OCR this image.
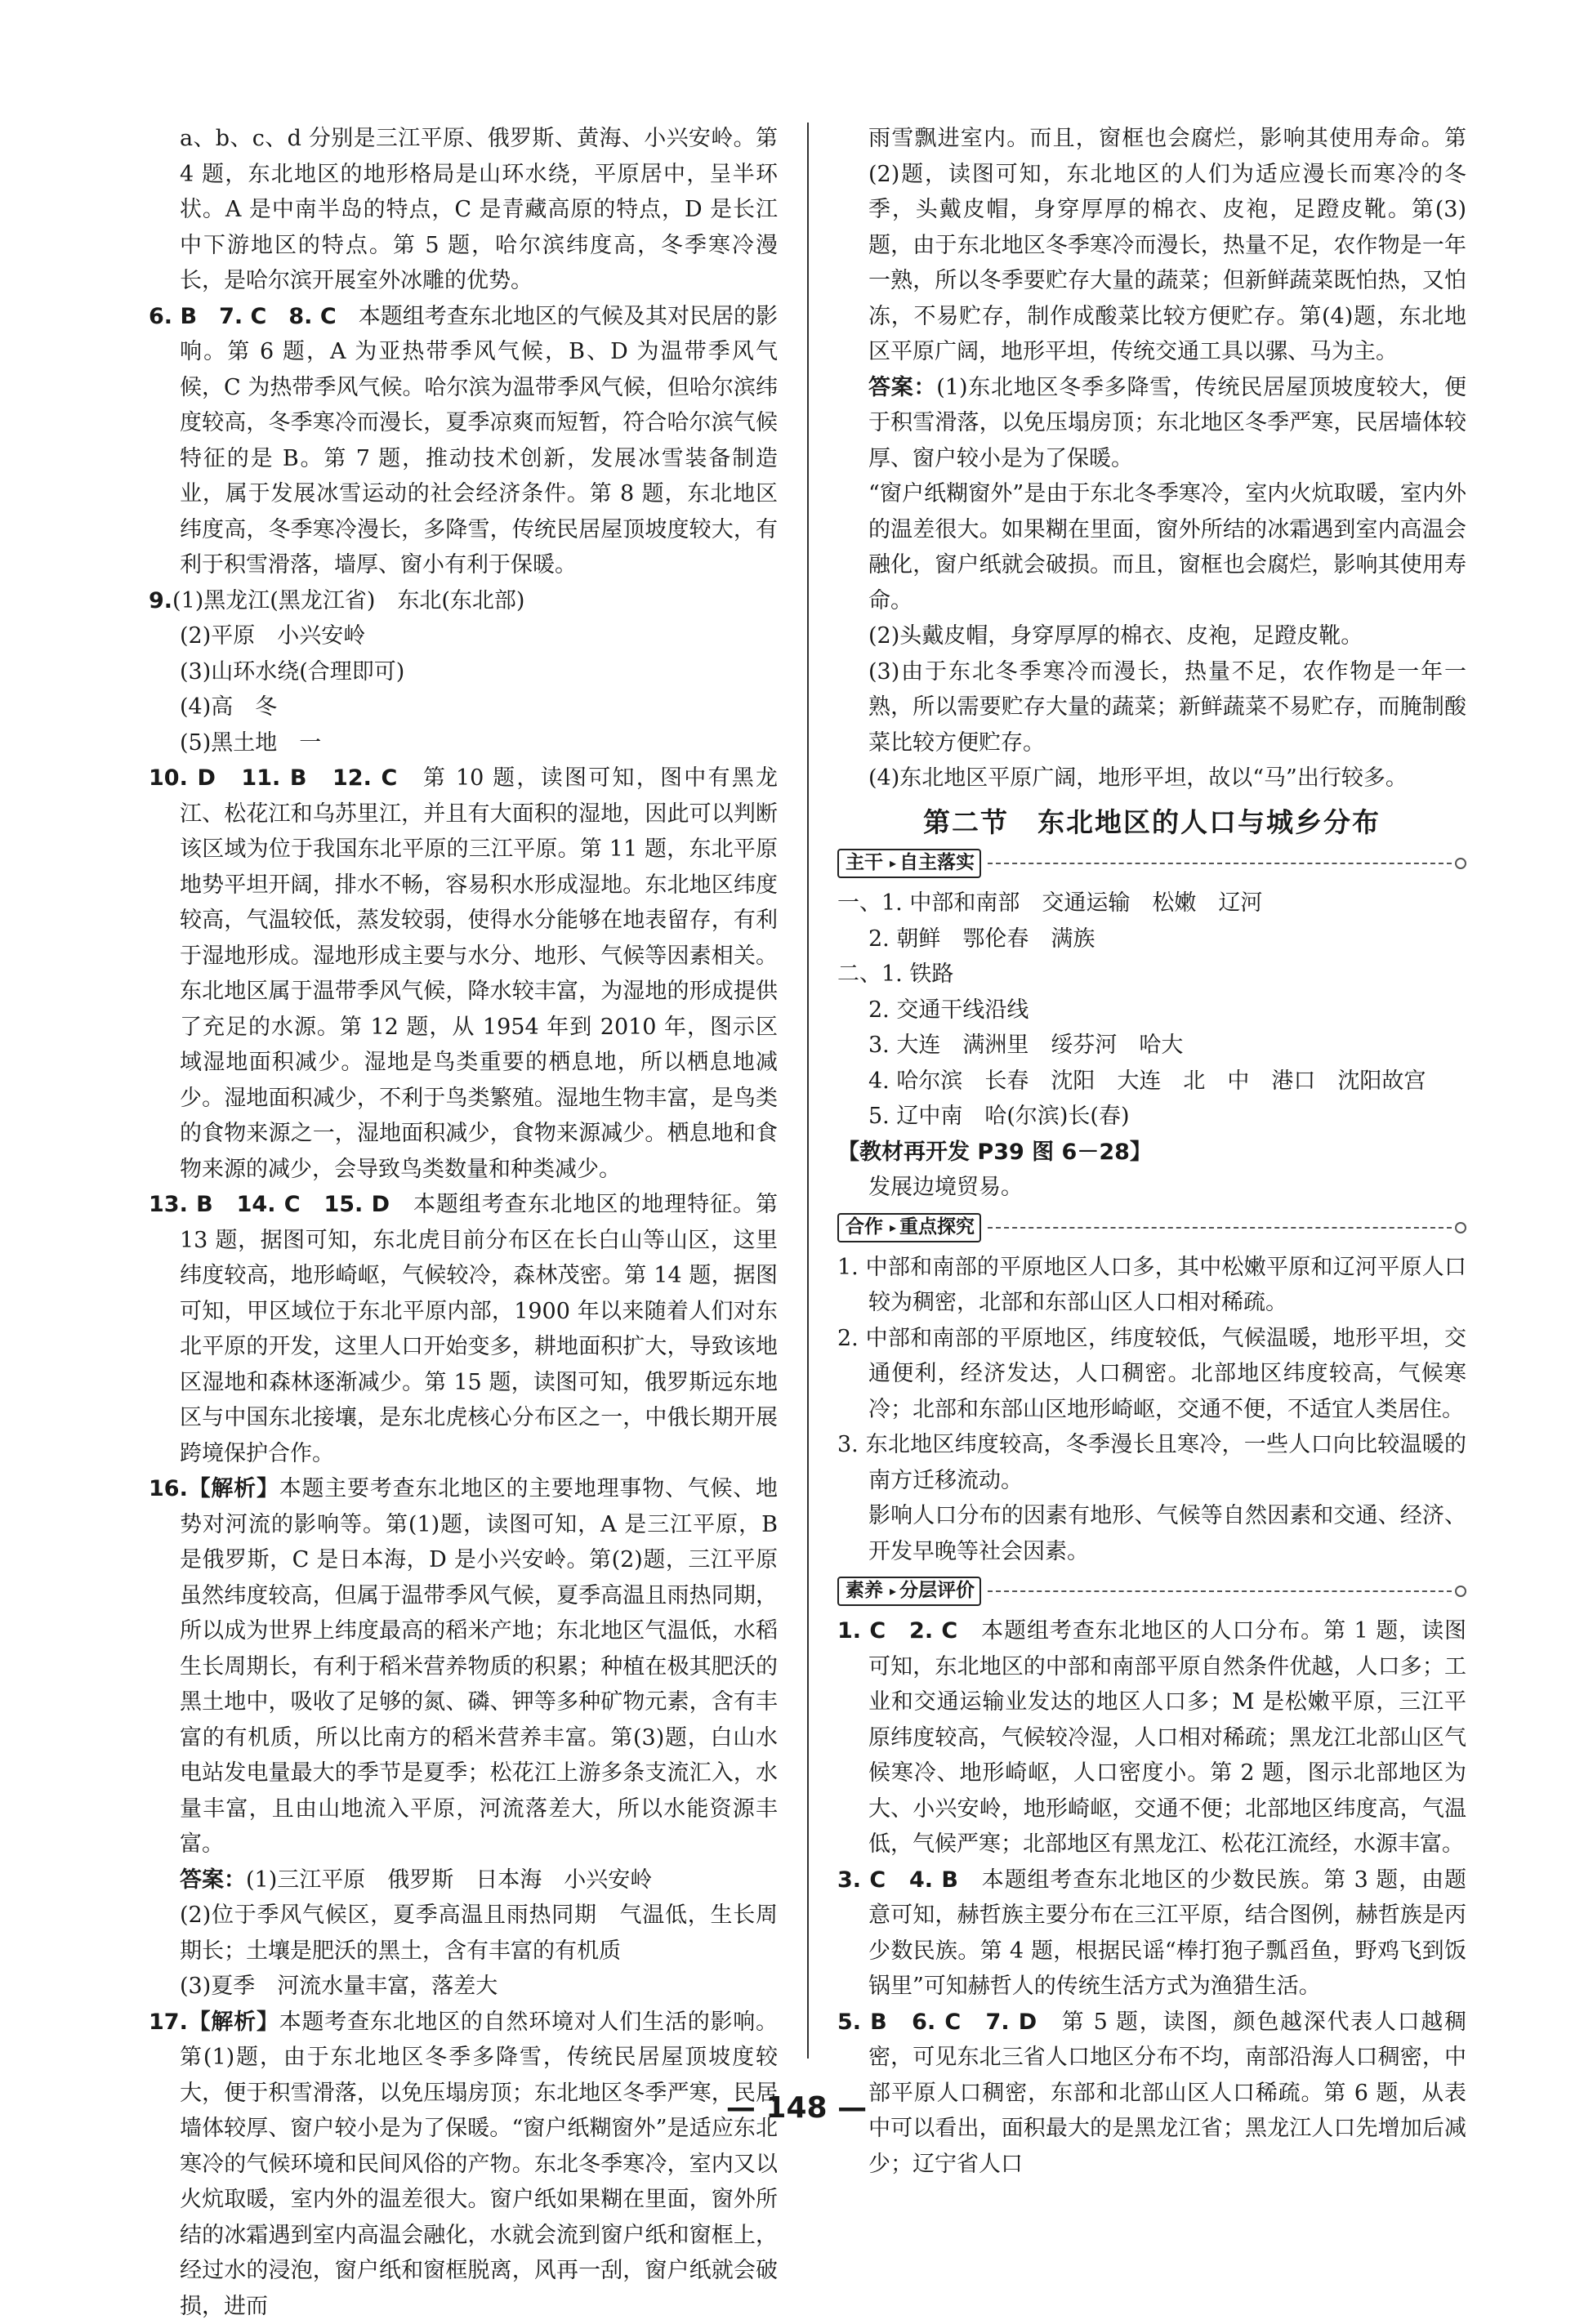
a、b、c、d 分别是三江平原、俄罗斯、黄海、小兴安岭。第 4 题，东北地区的地形格局是山环水绕，平原居中，呈半环状。A 是中南半岛的特点，C 是青藏高原的特点，D 是长江中下游地区的特点。第 5 题，哈尔滨纬度高，冬季寒冷漫长，是哈尔滨开展室外冰雕的优势。

6. B　7. C　8. C　 本题组考查东北地区的气候及其对民居的影响。第 6 题，A 为亚热带季风气候，B、D 为温带季风气候，C 为热带季风气候。哈尔滨为温带季风气候，但哈尔滨纬度较高，冬季寒冷而漫长，夏季凉爽而短暂，符合哈尔滨气候特征的是 B。第 7 题，推动技术创新，发展冰雪装备制造业，属于发展冰雪运动的社会经济条件。第 8 题，东北地区纬度高，冬季寒冷漫长，多降雪，传统民居屋顶坡度较大，有利于积雪滑落，墙厚、窗小有利于保暖。

9.(1)黑龙江(黑龙江省)　东北(东北部)

(2)平原　小兴安岭

(3)山环水绕(合理即可)

(4)高　冬

(5)黑土地　一

10. D　11. B　12. C　 第 10 题，读图可知，图中有黑龙江、松花江和乌苏里江，并且有大面积的湿地，因此可以判断该区域为位于我国东北平原的三江平原。第 11 题，东北平原地势平坦开阔，排水不畅，容易积水形成湿地。东北地区纬度较高，气温较低，蒸发较弱，使得水分能够在地表留存，有利于湿地形成。湿地形成主要与水分、地形、气候等因素相关。东北地区属于温带季风气候，降水较丰富，为湿地的形成提供了充足的水源。第 12 题，从 1954 年到 2010 年，图示区域湿地面积减少。湿地是鸟类重要的栖息地，所以栖息地减少。湿地面积减少，不利于鸟类繁殖。湿地生物丰富，是鸟类的食物来源之一，湿地面积减少，食物来源减少。栖息地和食物来源的减少，会导致鸟类数量和种类减少。

13. B　14. C　15. D　 本题组考查东北地区的地理特征。第 13 题，据图可知，东北虎目前分布区在长白山等山区，这里纬度较高，地形崎岖，气候较冷，森林茂密。第 14 题，据图可知，甲区域位于东北平原内部，1900 年以来随着人们对东北平原的开发，这里人口开始变多，耕地面积扩大，导致该地区湿地和森林逐渐减少。第 15 题，读图可知，俄罗斯远东地区与中国东北接壤，是东北虎核心分布区之一，中俄长期开展跨境保护合作。

16.【解析】本题主要考查东北地区的主要地理事物、气候、地势对河流的影响等。第(1)题，读图可知，A 是三江平原，B 是俄罗斯，C 是日本海，D 是小兴安岭。第(2)题，三江平原虽然纬度较高，但属于温带季风气候，夏季高温且雨热同期，所以成为世界上纬度最高的稻米产地；东北地区气温低，水稻生长周期长，有利于稻米营养物质的积累；种植在极其肥沃的黑土地中，吸收了足够的氮、磷、钾等多种矿物元素，含有丰富的有机质，所以比南方的稻米营养丰富。第(3)题，白山水电站发电量最大的季节是夏季；松花江上游多条支流汇入，水量丰富，且由山地流入平原，河流落差大，所以水能资源丰富。

答案：(1)三江平原　俄罗斯　日本海　小兴安岭

(2)位于季风气候区，夏季高温且雨热同期　气温低，生长周期长；土壤是肥沃的黑土，含有丰富的有机质

(3)夏季　河流水量丰富，落差大

17.【解析】本题考查东北地区的自然环境对人们生活的影响。第(1)题，由于东北地区冬季多降雪，传统民居屋顶坡度较大，便于积雪滑落，以免压塌房顶；东北地区冬季严寒，民居墙体较厚、窗户较小是为了保暖。“窗户纸糊窗外”是适应东北寒冷的气候环境和民间风俗的产物。东北冬季寒冷，室内又以火炕取暖，室内外的温差很大。窗户纸如果糊在里面，窗外所结的冰霜遇到室内高温会融化，水就会流到窗户纸和窗框上，经过水的浸泡，窗户纸和窗框脱离，风再一刮，窗户纸就会破损，进而

雨雪飘进室内。而且，窗框也会腐烂，影响其使用寿命。第(2)题，读图可知，东北地区的人们为适应漫长而寒冷的冬季，头戴皮帽，身穿厚厚的棉衣、皮袍，足蹬皮靴。第(3)题，由于东北地区冬季寒冷而漫长，热量不足，农作物是一年一熟，所以冬季要贮存大量的蔬菜；但新鲜蔬菜既怕热，又怕冻，不易贮存，制作成酸菜比较方便贮存。第(4)题，东北地区平原广阔，地形平坦，传统交通工具以骡、马为主。

答案：(1)东北地区冬季多降雪，传统民居屋顶坡度较大，便于积雪滑落，以免压塌房顶；东北地区冬季严寒，民居墙体较厚、窗户较小是为了保暖。

“窗户纸糊窗外”是由于东北冬季寒冷，室内火炕取暖，室内外的温差很大。如果糊在里面，窗外所结的冰霜遇到室内高温会融化，窗户纸就会破损。而且，窗框也会腐烂，影响其使用寿命。

(2)头戴皮帽，身穿厚厚的棉衣、皮袍，足蹬皮靴。

(3)由于东北冬季寒冷而漫长，热量不足，农作物是一年一熟，所以需要贮存大量的蔬菜；新鲜蔬菜不易贮存，而腌制酸菜比较方便贮存。

(4)东北地区平原广阔，地形平坦，故以“马”出行较多。

第二节　东北地区的人口与城乡分布
主干 ▸ 自主落实

一、1. 中部和南部　交通运输　松嫩　辽河

2. 朝鲜　鄂伦春　满族

二、1. 铁路

2. 交通干线沿线

3. 大连　满洲里　绥芬河　哈大

4. 哈尔滨　长春　沈阳　大连　北　中　港口　沈阳故宫

5. 辽中南　哈(尔滨)长(春)

【教材再开发 P39 图 6－28】

发展边境贸易。

合作 ▸ 重点探究

1. 中部和南部的平原地区人口多，其中松嫩平原和辽河平原人口较为稠密，北部和东部山区人口相对稀疏。

2. 中部和南部的平原地区，纬度较低，气候温暖，地形平坦，交通便利，经济发达，人口稠密。北部地区纬度较高，气候寒冷；北部和东部山区地形崎岖，交通不便，不适宜人类居住。

3. 东北地区纬度较高，冬季漫长且寒冷，一些人口向比较温暖的南方迁移流动。

影响人口分布的因素有地形、气候等自然因素和交通、经济、开发早晚等社会因素。

素养 ▸ 分层评价

1. C　2. C　 本题组考查东北地区的人口分布。第 1 题，读图可知，东北地区的中部和南部平原自然条件优越，人口多；工业和交通运输业发达的地区人口多；M 是松嫩平原，三江平原纬度较高，气候较冷湿，人口相对稀疏；黑龙江北部山区气候寒冷、地形崎岖，人口密度小。第 2 题，图示北部地区为大、小兴安岭，地形崎岖，交通不便；北部地区纬度高，气温低，气候严寒；北部地区有黑龙江、松花江流经，水源丰富。

3. C　4. B　 本题组考查东北地区的少数民族。第 3 题，由题意可知，赫哲族主要分布在三江平原，结合图例，赫哲族是丙少数民族。第 4 题，根据民谣“棒打狍子瓢舀鱼，野鸡飞到饭锅里”可知赫哲人的传统生活方式为渔猎生活。

5. B　6. C　7. D　 第 5 题，读图，颜色越深代表人口越稠密，可见东北三省人口地区分布不均，南部沿海人口稠密，中部平原人口稠密，东部和北部山区人口稀疏。第 6 题，从表中可以看出，面积最大的是黑龙江省；黑龙江人口先增加后减少；辽宁省人口

— 148 —
